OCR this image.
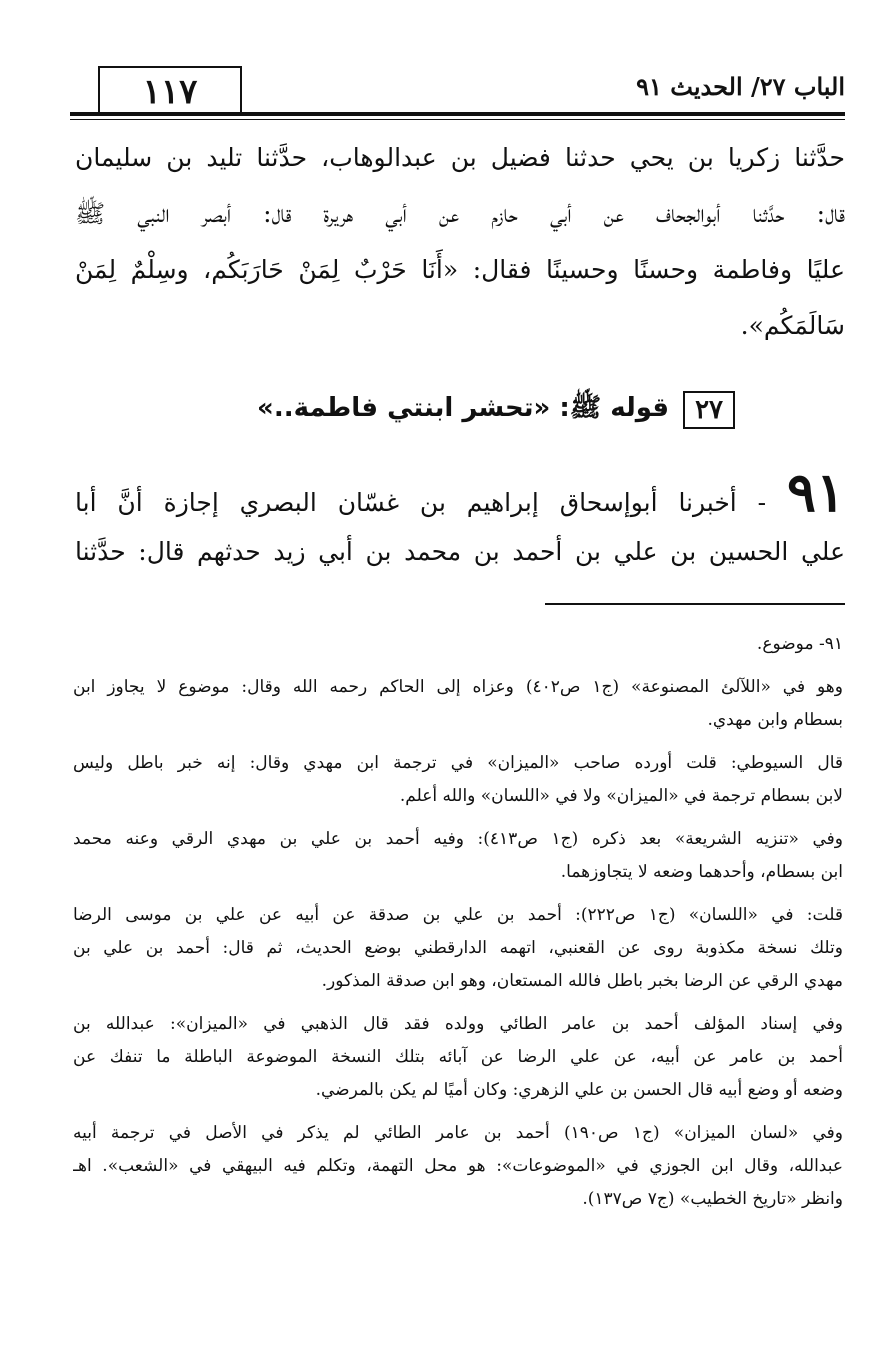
الباب ٢٧/ الحديث ٩١
١١٧
حدَّثنا زكريا بن يحي حدثنا فضيل بن عبدالوهاب، حدَّثنا تليد بن سليمان
قال: حدَّثنا أبوالجحاف عن أبي حازم عن أبي هريرة قال: أبصر النبي ﷺ
عليًا وفاطمة وحسنًا وحسينًا فقال: «أَنَا حَرْبٌ لِمَنْ حَارَبَكُم، وسِلْمٌ لِمَنْ
سَالَمَكُم».
٢٧
قوله ﷺ: «تحشر ابنتي فاطمة..»
٩١ - أخبرنا أبوإسحاق إبراهيم بن غسّان البصري إجازة أنَّ أبا
علي الحسين بن علي بن أحمد بن محمد بن أبي زيد حدثهم قال: حدَّثنا
٩١- موضوع.
وهو في «اللآلئ المصنوعة» (ج١ ص٤٠٢) وعزاه إلى الحاكم رحمه الله وقال: موضوع لا يجاوز ابن
بسطام وابن مهدي.
قال السيوطي: قلت أورده صاحب «الميزان» في ترجمة ابن مهدي وقال: إنه خبر باطل وليس
لابن بسطام ترجمة في «الميزان» ولا في «اللسان» والله أعلم.
وفي «تنزيه الشريعة» بعد ذكره (ج١ ص٤١٣): وفيه أحمد بن علي بن مهدي الرقي وعنه محمد
ابن بسطام، وأحدهما وضعه لا يتجاوزهما.
قلت: في «اللسان» (ج١ ص٢٢٢): أحمد بن علي بن صدقة عن أبيه عن علي بن موسى الرضا
وتلك نسخة مكذوبة روى عن القعنبي، اتهمه الدارقطني بوضع الحديث، ثم قال: أحمد بن علي بن
مهدي الرقي عن الرضا بخبر باطل فالله المستعان، وهو ابن صدقة المذكور.
وفي إسناد المؤلف أحمد بن عامر الطائي وولده فقد قال الذهبي في «الميزان»: عبدالله بن
أحمد بن عامر عن أبيه، عن علي الرضا عن آبائه بتلك النسخة الموضوعة الباطلة ما تنفك عن
وضعه أو وضع أبيه قال الحسن بن علي الزهري: وكان أميًا لم يكن بالمرضي.
وفي «لسان الميزان» (ج١ ص١٩٠) أحمد بن عامر الطائي لم يذكر في الأصل في ترجمة أبيه
عبدالله، وقال ابن الجوزي في «الموضوعات»: هو محل التهمة، وتكلم فيه البيهقي في «الشعب». اهـ
وانظر «تاريخ الخطيب» (ج٧ ص١٣٧).
